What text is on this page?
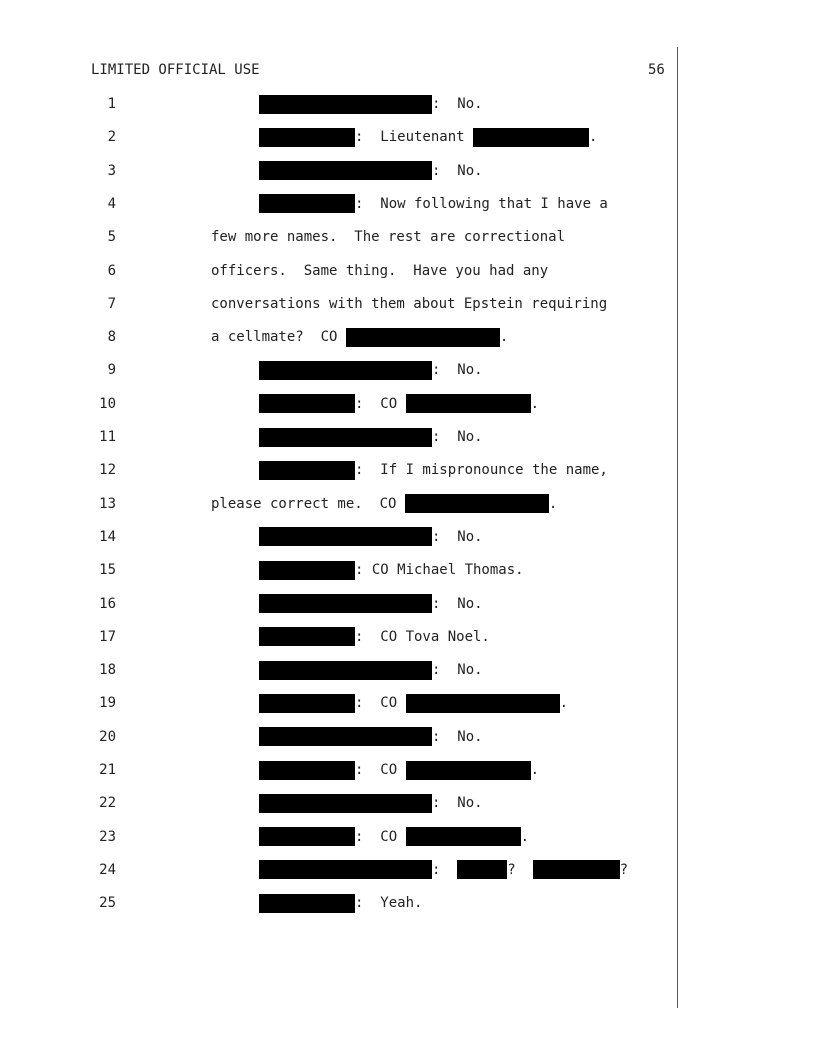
LIMITED OFFICIAL USE	56
1	:  No.
2	:  Lieutenant	.
3	:  No.
4	:  Now following that I have a
5	few more names.  The rest are correctional
6	officers.  Same thing.  Have you had any
7	conversations with them about Epstein requiring
8	a cellmate?  CO	.
9	:  No.
10	:  CO	.
11	:  No.
12	:  If I mispronounce the name,
13	please correct me.  CO	.
14	:  No.
15	: CO Michael Thomas.
16	:  No.
17	:  CO Tova Noel.
18	:  No.
19	:  CO	.
20	:  No.
21	:  CO	.
22	:  No.
23	:  CO	.
24	:	?	?
25	:  Yeah.
